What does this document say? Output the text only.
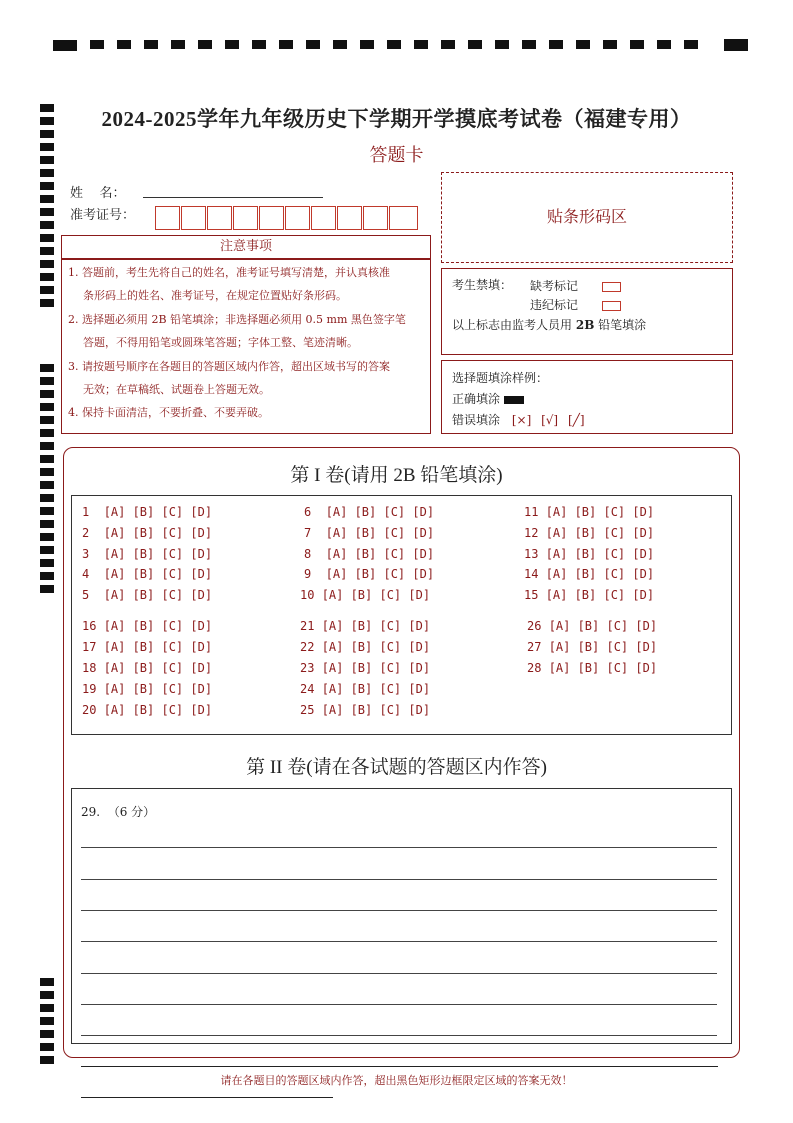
2024-2025学年九年级历史下学期开学摸底考试卷（福建专用）
答题卡
姓    名：
准考证号：	贴条形码区
注意事项
1. 答题前，考生先将自己的姓名，准考证号填写清楚，并认真核准
条形码上的姓名、准考证号，在规定位置贴好条形码。
2. 选择题必须用 2B 铅笔填涂；非选择题必须用 0.5 mm 黑色签字笔
答题，不得用铅笔或圆珠笔答题；字体工整、笔迹清晰。
3. 请按题号顺序在各题目的答题区域内作答，超出区域书写的答案
无效；在草稿纸、试题卷上答题无效。
4. 保持卡面清洁，不要折叠、不要弄破。
考生禁填： 缺考标记
违纪标记
以上标志由监考人员用 2B 铅笔填涂
选择题填涂样例：
正确填涂
错误填涂 [×] [√] [╱]
第 I 卷(请用 2B 铅笔填涂)
1 [A] [B] [C] [D]
2 [A] [B] [C] [D]
3 [A] [B] [C] [D]
4 [A] [B] [C] [D]
5 [A] [B] [C] [D]
6 [A] [B] [C] [D]
7 [A] [B] [C] [D]
8 [A] [B] [C] [D]
9 [A] [B] [C] [D]
10 [A] [B] [C] [D]
11 [A] [B] [C] [D]
12 [A] [B] [C] [D]
13 [A] [B] [C] [D]
14 [A] [B] [C] [D]
15 [A] [B] [C] [D]
16 [A] [B] [C] [D]
17 [A] [B] [C] [D]
18 [A] [B] [C] [D]
19 [A] [B] [C] [D]
20 [A] [B] [C] [D]
21 [A] [B] [C] [D]
22 [A] [B] [C] [D]
23 [A] [B] [C] [D]
24 [A] [B] [C] [D]
25 [A] [B] [C] [D]
26 [A] [B] [C] [D]
27 [A] [B] [C] [D]
28 [A] [B] [C] [D]
第 II 卷(请在各试题的答题区内作答)
29.  （6 分）
请在各题目的答题区域内作答，超出黑色矩形边框限定区域的答案无效！
